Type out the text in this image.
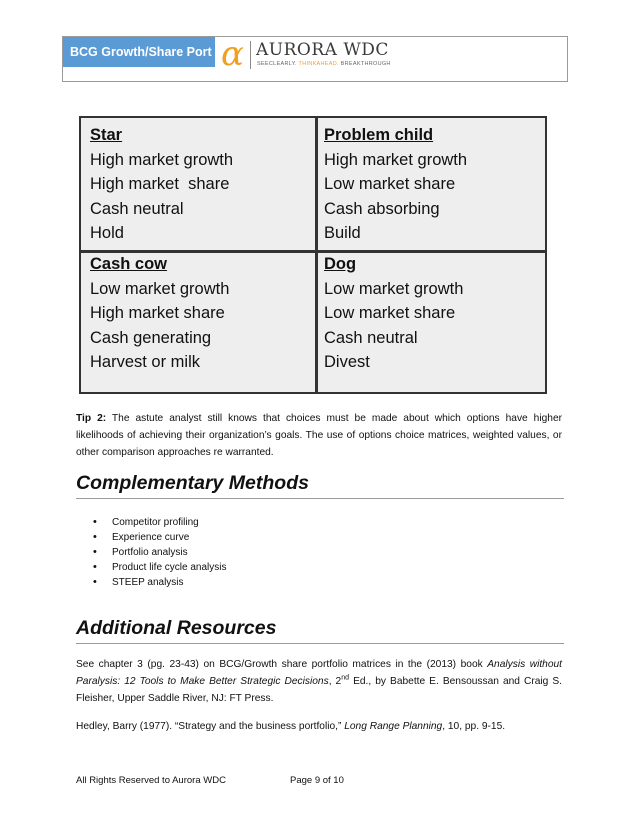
BCG Growth/Share Port α AURORA WDC
SEECLEARLY. THINKAHEAD. BREAKTHROUGH
Star
High market growth
High market  share
Cash neutral
Hold
Problem child
High market growth
Low market share
Cash absorbing
Build
Cash cow
Low market growth
High market share
Cash generating
Harvest or milk
Dog
Low market growth
Low market share
Cash neutral
Divest
Tip 2: The astute analyst still knows that choices must be made about which options have higher likelihoods of achieving their organization’s goals. The use of options choice matrices, weighted values, or other comparison approaches re warranted.
Complementary Methods
• Competitor profiling
• Experience curve
• Portfolio analysis
• Product life cycle analysis
• STEEP analysis
Additional Resources
See chapter 3 (pg. 23-43) on BCG/Growth share portfolio matrices in the (2013) book Analysis without Paralysis: 12 Tools to Make Better Strategic Decisions, 2nd Ed., by Babette E. Bensoussan and Craig S. Fleisher, Upper Saddle River, NJ: FT Press.
Hedley, Barry (1977). “Strategy and the business portfolio,” Long Range Planning, 10, pp. 9-15.
All Rights Reserved to Aurora WDC	Page 9 of 10
